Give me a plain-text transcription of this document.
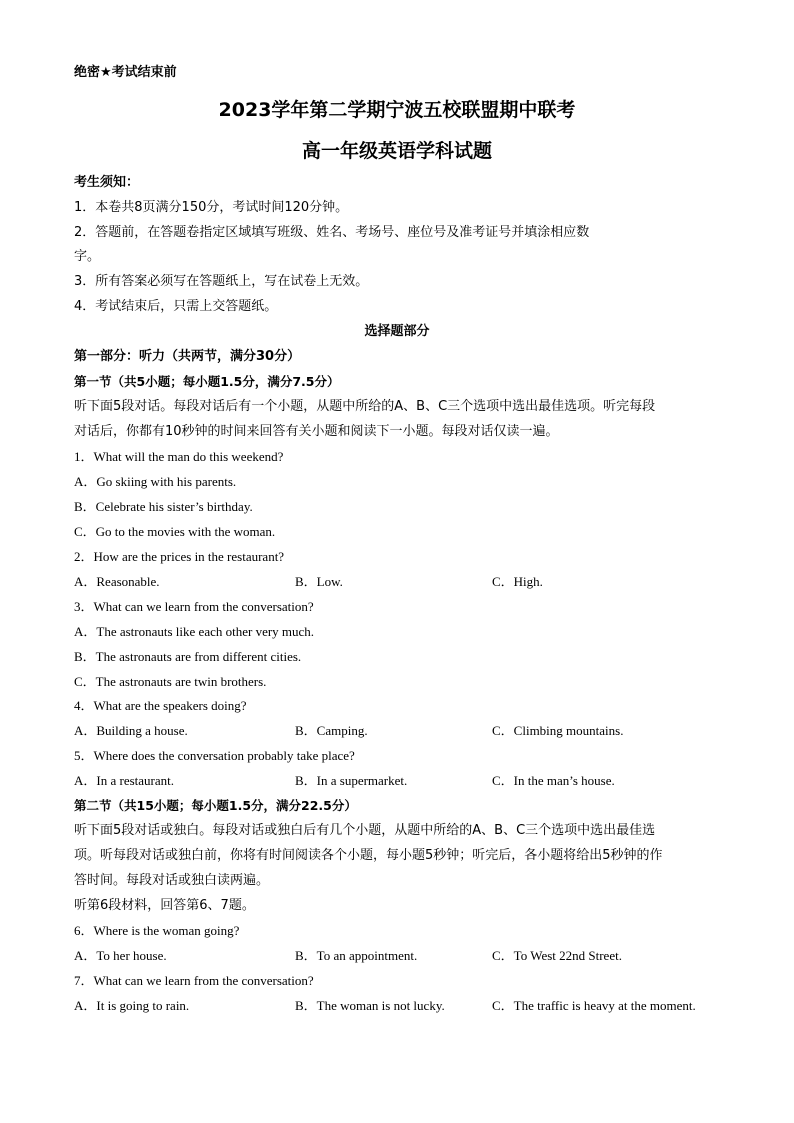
绝密★考试结束前
2023学年第二学期宁波五校联盟期中联考
高一年级英语学科试题
考生须知：
1．本卷共8页满分150分，考试时间120分钟。
2．答题前，在答题卷指定区域填写班级、姓名、考场号、座位号及准考证号并填涂相应数
字。
3．所有答案必须写在答题纸上，写在试卷上无效。
4．考试结束后，只需上交答题纸。
选择题部分
第一部分：听力（共两节，满分30分）
第一节（共5小题；每小题1.5分，满分7.5分）
听下面5段对话。每段对话后有一个小题，从题中所给的A、B、C三个选项中选出最佳选项。听完每段
对话后，你都有10秒钟的时间来回答有关小题和阅读下一小题。每段对话仅读一遍。
1．What will the man do this weekend?
A．Go skiing with his parents.
B．Celebrate his sister’s birthday.
C．Go to the movies with the woman.
2．How are the prices in the restaurant?
A．Reasonable.	B．Low.	C．High.
3．What can we learn from the conversation?
A．The astronauts like each other very much.
B．The astronauts are from different cities.
C．The astronauts are twin brothers.
4．What are the speakers doing?
A．Building a house.	B．Camping.	C．Climbing mountains.
5．Where does the conversation probably take place?
A．In a restaurant.	B．In a supermarket.	C．In the man’s house.
第二节（共15小题；每小题1.5分，满分22.5分）
听下面5段对话或独白。每段对话或独白后有几个小题，从题中所给的A、B、C三个选项中选出最佳选
项。听每段对话或独白前，你将有时间阅读各个小题，每小题5秒钟；听完后，各小题将给出5秒钟的作
答时间。每段对话或独白读两遍。
听第6段材料，回答第6、7题。
6．Where is the woman going?
A．To her house.	B．To an appointment.	C．To West 22nd Street.
7．What can we learn from the conversation?
A．It is going to rain.	B．The woman is not lucky.	C．The traffic is heavy at the moment.
